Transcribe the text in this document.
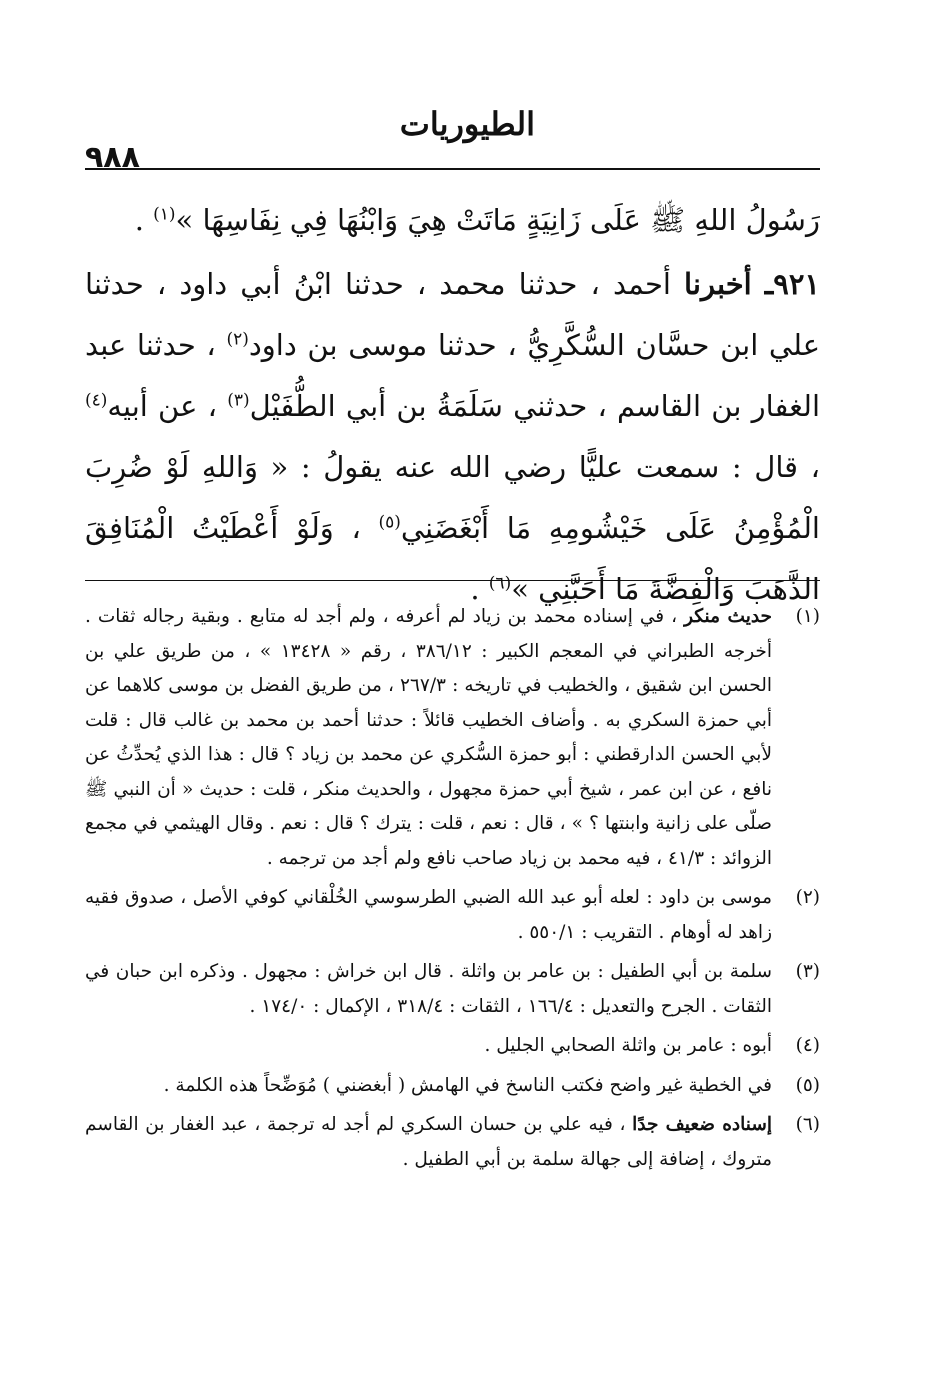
٩٨٨
الطيوريات

رَسُولُ اللهِ ﷺ عَلَى زَانِيَةٍ مَاتَتْ هِيَ وَابْنُهَا فِي نِفَاسِهَا »$^{(١)}$ .

٩٢١ـ أخبرنا أحمد ، حدثنا محمد ، حدثنا ابْنُ أبي داود ، حدثنا علي ابن حسَّان السُّكَّرِيُّ ، حدثنا موسى بن داود$^{(٢)}$ ، حدثنا عبد الغفار بن القاسم ، حدثني سَلَمَةُ بن أبي الطُّفَيْل$^{(٣)}$ ، عن أبيه$^{(٤)}$ ، قال : سمعت عليًّا رضي الله عنه يقولُ : « وَاللهِ لَوْ ضُرِبَ الْمُؤْمِنُ عَلَى خَيْشُومِهِ مَا أَبْغَضَنِي$^{(٥)}$ ، وَلَوْ أَعْطَيْتُ الْمُنَافِقَ الذَّهَبَ وَالْفِضَّةَ مَا أَحَبَّنِي »$^{(٦)}$ .

(١)
حديث منكر ، في إسناده محمد بن زياد لم أعرفه ، ولم أجد له متابع . وبقية رجاله ثقات . أخرجه الطبراني في المعجم الكبير : ٣٨٦/١٢ ، رقم « ١٣٤٢٨ » ، من طريق علي بن الحسن ابن شقيق ، والخطيب في تاريخه : ٢٦٧/٣ ، من طريق الفضل بن موسى كلاهما عن أبي حمزة السكري به . وأضاف الخطيب قائلاً : حدثنا أحمد بن محمد بن غالب قال : قلت لأبي الحسن الدارقطني : أبو حمزة السُّكري عن محمد بن زياد ؟ قال : هذا الذي يُحدِّثُ عن نافع ، عن ابن عمر ، شيخ أبي حمزة مجهول ، والحديث منكر ، قلت : حديث « أن النبي ﷺ صلّى على زانية وابنتها ؟ » ، قال : نعم ، قلت : يترك ؟ قال : نعم . وقال الهيثمي في مجمع الزوائد : ٤١/٣ ، فيه محمد بن زياد صاحب نافع ولم أجد من ترجمه .
(٢)
موسى بن داود : لعله أبو عبد الله الضبي الطرسوسي الخُلْقاني كوفي الأصل ، صدوق فقيه زاهد له أوهام . التقريب : ٥٥٠/١ .
(٣)
سلمة بن أبي الطفيل : بن عامر بن واثلة . قال ابن خراش : مجهول . وذكره ابن حبان في الثقات . الجرح والتعديل : ١٦٦/٤ ، الثقات : ٣١٨/٤ ، الإكمال : ١٧٤/٠ .
(٤)
أبوه : عامر بن واثلة الصحابي الجليل .
(٥)
في الخطية غير واضح فكتب الناسخ في الهامش ( أبغضني ) مُوَضِّحاً هذه الكلمة .
(٦)
إسناده ضعيف جدًا ، فيه علي بن حسان السكري لم أجد له ترجمة ، عبد الغفار بن القاسم متروك ، إضافة إلى جهالة سلمة بن أبي الطفيل .
